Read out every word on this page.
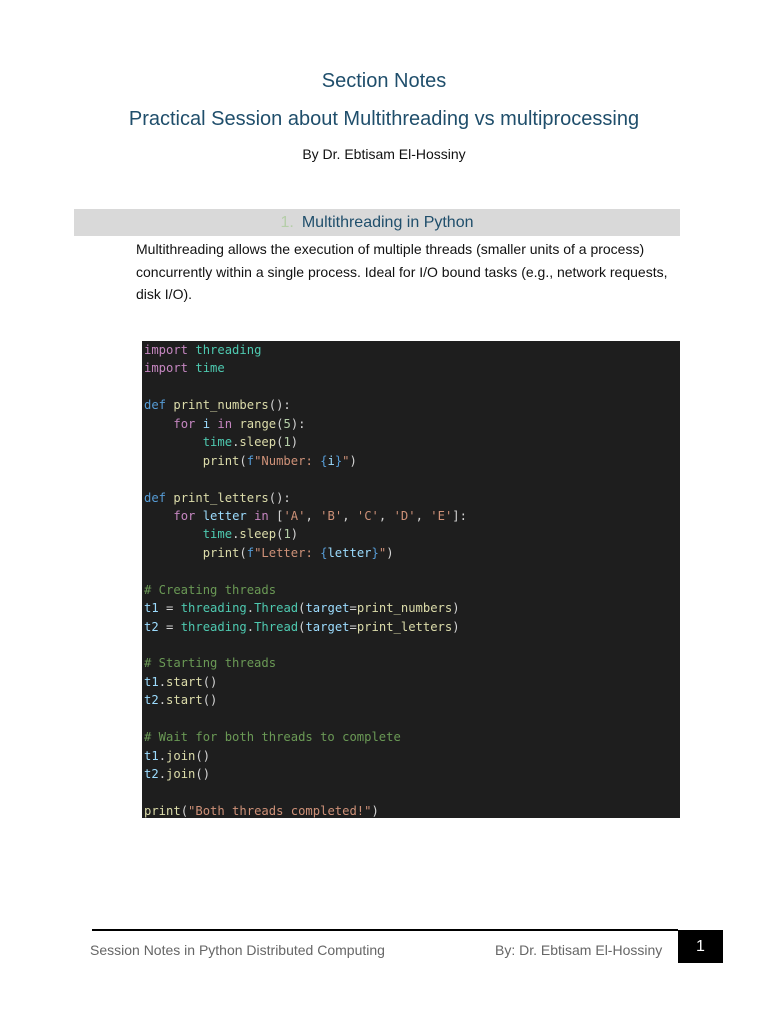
Section Notes
Practical Session about Multithreading vs multiprocessing
By Dr. Ebtisam El-Hossiny
1. Multithreading in Python
Multithreading allows the execution of multiple threads (smaller units of a process) concurrently within a single process. Ideal for I/O bound tasks (e.g., network requests, disk I/O).
import threading
import time

def print_numbers():
for i in range(5):
time.sleep(1)
print(f"Number: {i}")

def print_letters():
for letter in ['A', 'B', 'C', 'D', 'E']:
time.sleep(1)
print(f"Letter: {letter}")

# Creating threads
t1 = threading.Thread(target=print_numbers)
t2 = threading.Thread(target=print_letters)

# Starting threads
t1.start()
t2.start()

# Wait for both threads to complete
t1.join()
t2.join()

print("Both threads completed!")
Session Notes in Python Distributed Computing	By: Dr. Ebtisam El-Hossiny	1
